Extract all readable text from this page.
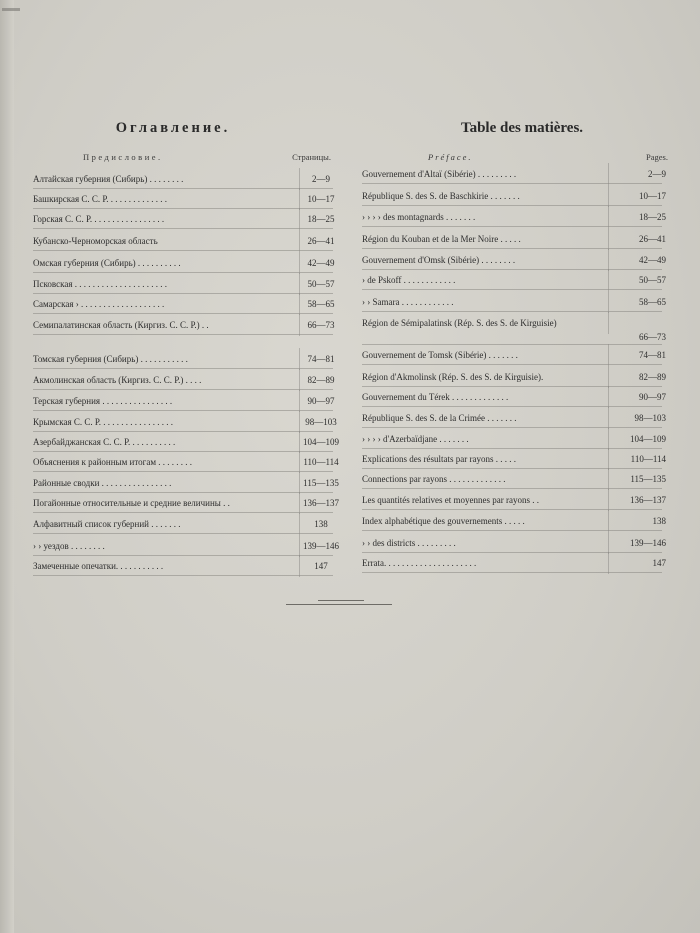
Оглавление.
Предисловие.	Страницы.
Алтайская губерния (Сибирь) . . . . . . . .	2—9
Башкирская С. С. Р. . . . . . . . . . . . . .	10—17
Горская С. С. Р. . . . . . . . . . . . . . . . .	18—25
Кубанско-Черноморская область	26—41
Омская губерния (Сибирь) . . . . . . . . . .	42—49
Псковская . . . . . . . . . . . . . . . . . . . . .	50—57
Самарская › . . . . . . . . . . . . . . . . . . .	58—65
Семипалатинская область (Киргиз. С. С. Р.) . .	66—73
Томская губерния (Сибирь) . . . . . . . . . . .	74—81
Акмолинская область (Киргиз. С. С. Р.) . . . .	82—89
Терская губерния . . . . . . . . . . . . . . . .	90—97
Крымская С. С. Р. . . . . . . . . . . . . . . . .	98—103
Азербайджанская С. С. Р. . . . . . . . . . .	104—109
Объяснения к районным итогам . . . . . . . .	110—114
Районные сводки . . . . . . . . . . . . . . . .	115—135
Погайонные относительные и средние величины . .	136—137
Алфавитный список губерний . . . . . . .	138
› › уездов . . . . . . . .	139—146
Замеченные опечатки. . . . . . . . . . .	147
Table des matières.
Préface.	Pages.
Gouvernement d'Altaï (Sibérie) . . . . . . . . .	2—9
République S. des S. de Baschkirie . . . . . . .	10—17
› › › › des montagnards . . . . . . .	18—25
Région du Kouban et de la Mer Noire . . . . .	26—41
Gouvernement d'Omsk (Sibérie) . . . . . . . .	42—49
› de Pskoff . . . . . . . . . . . .	50—57
› › Samara . . . . . . . . . . . .	58—65
Région de Sémipalatinsk (Rép. S. des S. de Kirguisie)
66—73
Gouvernement de Tomsk (Sibérie) . . . . . . .	74—81
Région d'Akmolinsk (Rép. S. des S. de Kirguisie).	82—89
Gouvernement du Térek . . . . . . . . . . . . .	90—97
République S. des S. de la Crimée . . . . . . .	98—103
› › › › d'Azerbaïdjane . . . . . . .	104—109
Explications des résultats par rayons . . . . .	110—114
Connections par rayons . . . . . . . . . . . . .	115—135
Les quantités relatives et moyennes par rayons . .	136—137
Index alphabétique des gouvernements . . . . .	138
› › des districts . . . . . . . . .	139—146
Errata. . . . . . . . . . . . . . . . . . . . .	147
